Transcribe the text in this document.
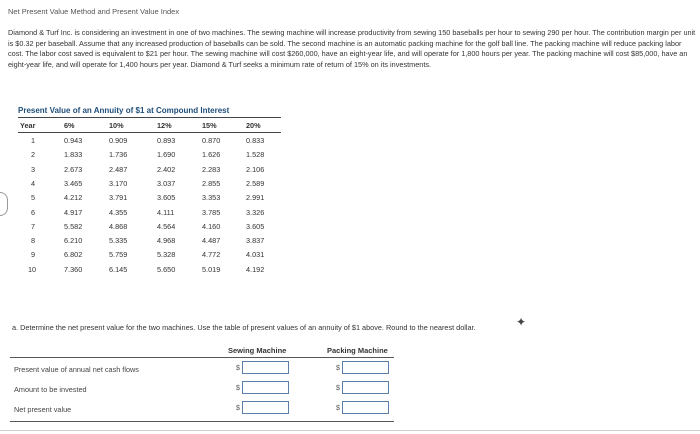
Net Present Value Method and Present Value Index
Diamond & Turf Inc. is considering an investment in one of two machines. The sewing machine will increase productivity from sewing 150 baseballs per hour to sewing 290 per hour. The contribution margin per unit is $0.32 per baseball. Assume that any increased production of baseballs can be sold. The second machine is an automatic packing machine for the golf ball line. The packing machine will reduce packing labor cost. The labor cost saved is equivalent to $21 per hour. The sewing machine will cost $260,000, have an eight-year life, and will operate for 1,800 hours per year. The packing machine will cost $85,000, have an eight-year life, and will operate for 1,400 hours per year. Diamond & Turf seeks a minimum rate of return of 15% on its investments.
Present Value of an Annuity of $1 at Compound Interest
Year	6%	10%	12%	15%	20%
1	0.943	0.909	0.893	0.870	0.833
2	1.833	1.736	1.690	1.626	1.528
3	2.673	2.487	2.402	2.283	2.106
4	3.465	3.170	3.037	2.855	2.589
5	4.212	3.791	3.605	3.353	2.991
6	4.917	4.355	4.111	3.785	3.326
7	5.582	4.868	4.564	4.160	3.605
8	6.210	5.335	4.968	4.487	3.837
9	6.802	5.759	5.328	4.772	4.031
10	7.360	6.145	5.650	5.019	4.192
a. Determine the net present value for the two machines. Use the table of present values of an annuity of $1 above. Round to the nearest dollar.	✦
Sewing Machine	Packing Machine
Present value of annual net cash flows	$	$
Amount to be invested	$	$
Net present value	$	$
